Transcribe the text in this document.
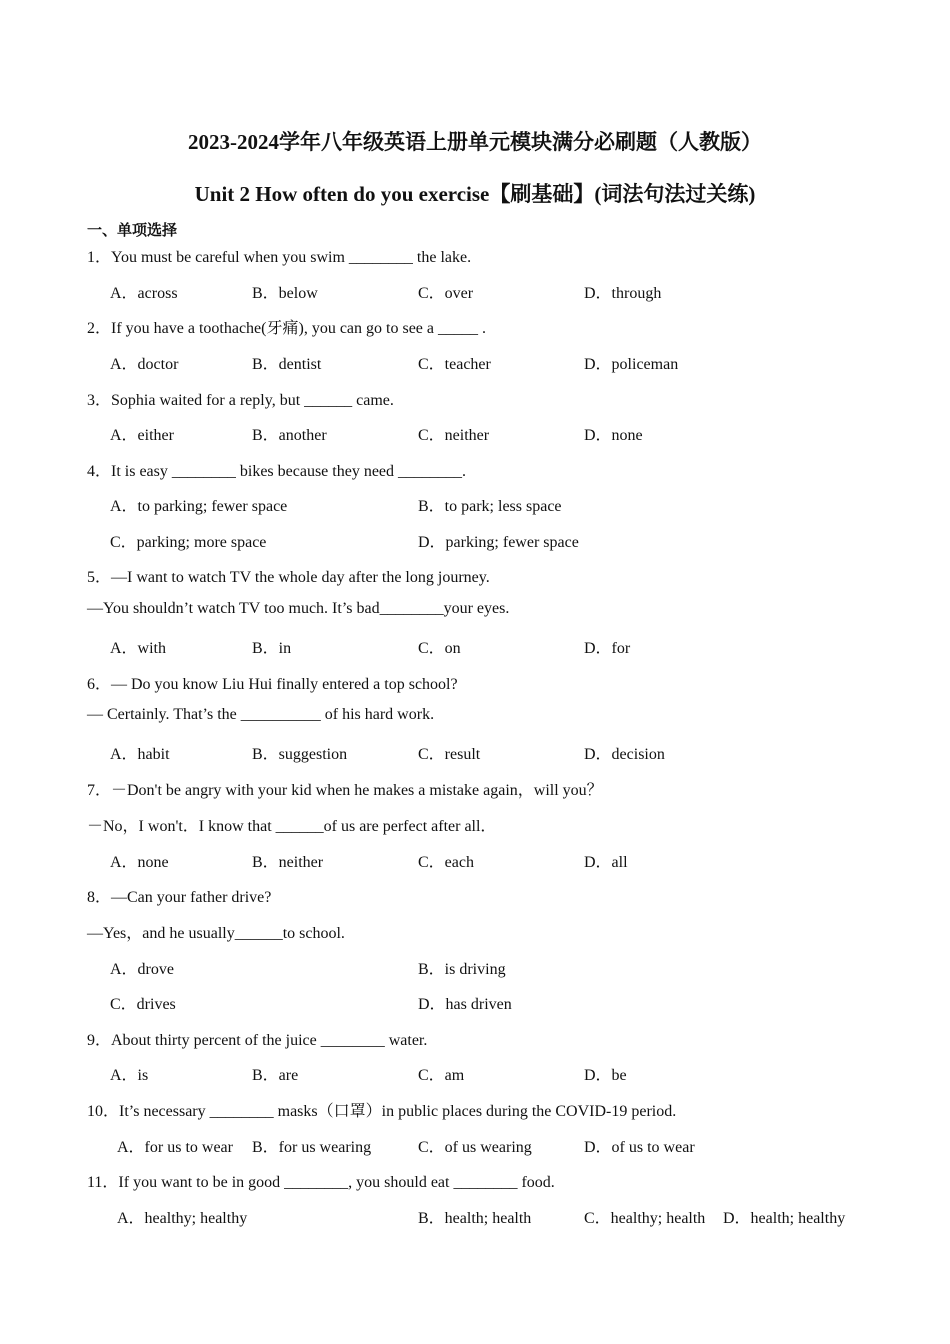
2023-2024学年八年级英语上册单元模块满分必刷题（人教版）
Unit 2 How often do you exercise【刷基础】(词法句法过关练)
一、单项选择
1．You must be careful when you swim ________ the lake.
A．across	B．below	C．over	D．through
2．If you have a toothache(牙痛), you can go to see a _____ .
A．doctor	B．dentist	C．teacher	D．policeman
3．Sophia waited for a reply, but ______ came.
A．either	B．another	C．neither	D．none
4．It is easy ________ bikes because they need ________.
A．to parking; fewer space	B．to park; less space
C．parking; more space	D．parking; fewer space
5．—I want to watch TV the whole day after the long journey.
—You shouldn’t watch TV too much. It’s bad________your eyes.
A．with	B．in	C．on	D．for
6．— Do you know Liu Hui finally entered a top school?
— Certainly. That’s the __________ of his hard work.
A．habit	B．suggestion	C．result	D．decision
7．－Don't be angry with your kid when he makes a mistake again，will you？
－No，I won't．I know that ______of us are perfect after all．
A．none	B．neither	C．each	D．all
8．—Can your father drive?
—Yes，and he usually______to school.
A．drove	B．is driving
C．drives	D．has driven
9．About thirty percent of the juice ________ water.
A．is	B．are	C．am	D．be
10．It’s necessary ________ masks（口罩）in public places during the COVID-19 period.
A．for us to wear B．for us wearing	C．of us wearing	D．of us to wear
11．If you want to be in good ________, you should eat ________ food.
A．healthy; healthy	B．health; health	C．healthy; health D．health; healthy
